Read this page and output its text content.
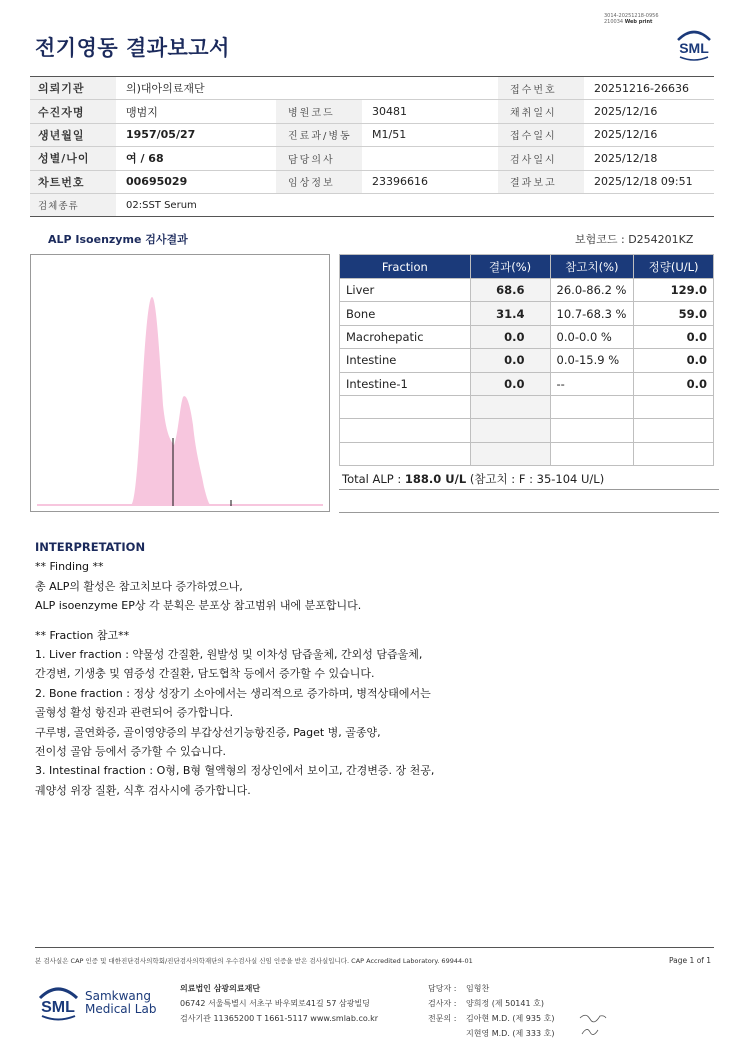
전기영동 결과보고서
3014-20251218-0956
210034 Web print
SML
의뢰기관	의)대아의료재단			접수번호	20251216-26636
수진자명	맹범지	병원코드	30481	채취일시	2025/12/16
생년월일	1957/05/27	진료과/병동	M1/51	접수일시	2025/12/16
성별/나이	여 / 68	담당의사		검사일시	2025/12/18
차트번호	00695029	임상정보	23396616	결과보고	2025/12/18 09:51
검체종류	02:SST Serum				
ALP Isoenzyme 검사결과	보험코드 : D254201KZ
Fraction	결과(%)	참고치(%)	정량(U/L)
Liver	68.6	26.0-86.2 %	129.0
Bone	31.4	10.7-68.3 %	59.0
Macrohepatic	0.0	0.0-0.0 %	0.0
Intestine	0.0	0.0-15.9 %	0.0
Intestine-1	0.0	--	0.0

Total ALP : 188.0 U/L (참고치 : F : 35-104 U/L)
INTERPRETATION
** Finding **
총 ALP의 활성은 참고치보다 증가하였으나,
ALP isoenzyme EP상 각 분획은 분포상 참고범위 내에 분포합니다.
** Fraction 참고**
1. Liver fraction : 약물성 간질환, 원발성 및 이차성 담즙울체, 간외성 담즙울체,
간경변, 기생충 및 염증성 간질환, 담도협착 등에서 증가할 수 있습니다.
2. Bone fraction : 정상 성장기 소아에서는 생리적으로 증가하며, 병적상태에서는
골형성 활성 항진과 관련되어 증가합니다.
구루병, 골연화증, 골이영양증의 부갑상선기능항진증, Paget 병, 골종양,
전이성 골암 등에서 증가할 수 있습니다.
3. Intestinal fraction : O형, B형 혈액형의 정상인에서 보이고, 간경변증. 장 천공,
궤양성 위장 질환, 식후 검사시에 증가합니다.
본 검사실은 CAP 인증 및 대한진단검사의학회/진단검사의학재단의 우수검사실 신임 인증을 받은 검사실입니다. CAP Accredited Laboratory. 69944-01	Page 1 of 1
SML
Samkwang
Medical Lab
의료법인 삼광의료재단
06742 서울특별시 서초구 바우뫼로41길 57 삼광빌딩
검사기관 11365200 T 1661-5117 www.smlab.co.kr
담당자 : 임형찬
검사자 : 양희정 (제 50141 호)
전문의 : 김아현 M.D. (제 935 호)
지현영 M.D. (제 333 호)
